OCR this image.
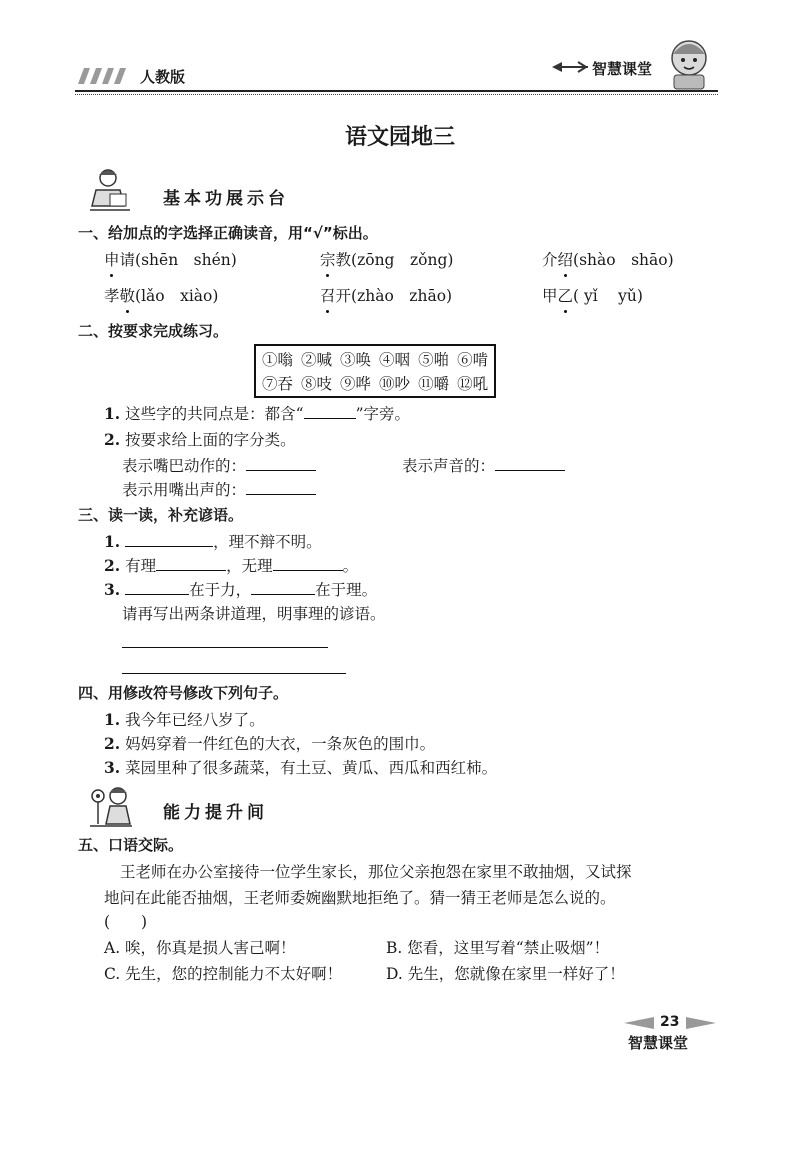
人教版	智慧课堂
语文园地三
基本功展示台
一、给加点的字选择正确读音，用“√”标出。
申请(shēn　shén)	宗教(zōng　zǒng)	介绍(shào　shāo)
孝敬(lǎo　xiào)	召开(zhào　zhāo)	甲乙( yǐ　 yǔ)
二、按要求完成练习。
①嗡	②喊	③唤	④咽	⑤啪	⑥啃
⑦吞	⑧吱	⑨哗	⑩吵	⑪嚼	⑫吼
1. 这些字的共同点是：都含“	”字旁。
2. 按要求给上面的字分类。
表示嘴巴动作的：	表示声音的：
表示用嘴出声的：
三、读一读，补充谚语。
1.	，理不辩不明。
2. 有理	，无理	。
3.	在于力，	在于理。
请再写出两条讲道理，明事理的谚语。
四、用修改符号修改下列句子。
1. 我今年已经八岁了。
2. 妈妈穿着一件红色的大衣，一条灰色的围巾。
3. 菜园里种了很多蔬菜，有土豆、黄瓜、西瓜和西红柿。
能力提升间
五、口语交际。
王老师在办公室接待一位学生家长，那位父亲抱怨在家里不敢抽烟，又试探
地问在此能否抽烟，王老师委婉幽默地拒绝了。猜一猜王老师是怎么说的。
(　　)
A. 唉，你真是损人害己啊！	B. 您看，这里写着“禁止吸烟”！
C. 先生，您的控制能力不太好啊！	D. 先生，您就像在家里一样好了！
23
智慧课堂
